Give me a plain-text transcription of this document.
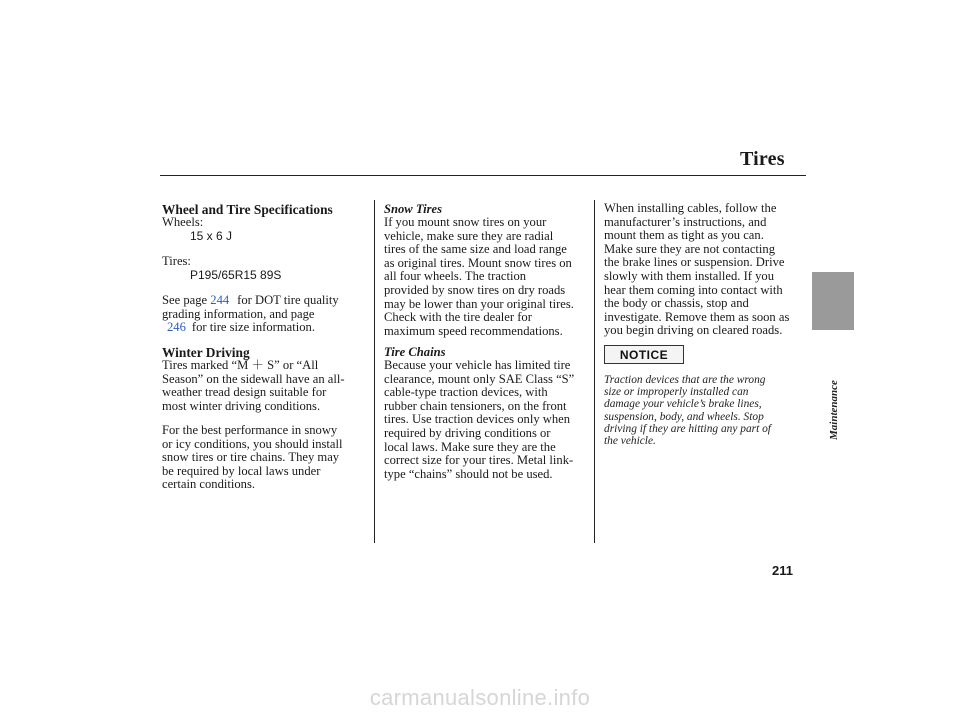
Tires
Wheel and Tire Specifications
Wheels:
15 x 6 J
Tires:
P195/65R15 89S
See page 244 for DOT tire quality
grading information, and page
246 for tire size information.
Winter Driving
Tires marked “M ＋ S” or “All
Season” on the sidewall have an all-
weather tread design suitable for
most winter driving conditions.
For the best performance in snowy
or icy conditions, you should install
snow tires or tire chains. They may
be required by local laws under
certain conditions.
Snow Tires
If you mount snow tires on your
vehicle, make sure they are radial
tires of the same size and load range
as original tires. Mount snow tires on
all four wheels. The traction
provided by snow tires on dry roads
may be lower than your original tires.
Check with the tire dealer for
maximum speed recommendations.
Tire Chains
Because your vehicle has limited tire
clearance, mount only SAE Class “S”
cable-type traction devices, with
rubber chain tensioners, on the front
tires. Use traction devices only when
required by driving conditions or
local laws. Make sure they are the
correct size for your tires. Metal link-
type “chains” should not be used.
When installing cables, follow the
manufacturer’s instructions, and
mount them as tight as you can.
Make sure they are not contacting
the brake lines or suspension. Drive
slowly with them installed. If you
hear them coming into contact with
the body or chassis, stop and
investigate. Remove them as soon as
you begin driving on cleared roads.
NOTICE
Traction devices that are the wrong
size or improperly installed can
damage your vehicle’s brake lines,
suspension, body, and wheels. Stop
driving if they are hitting any part of
the vehicle.
Maintenance
211
carmanualsonline.info
